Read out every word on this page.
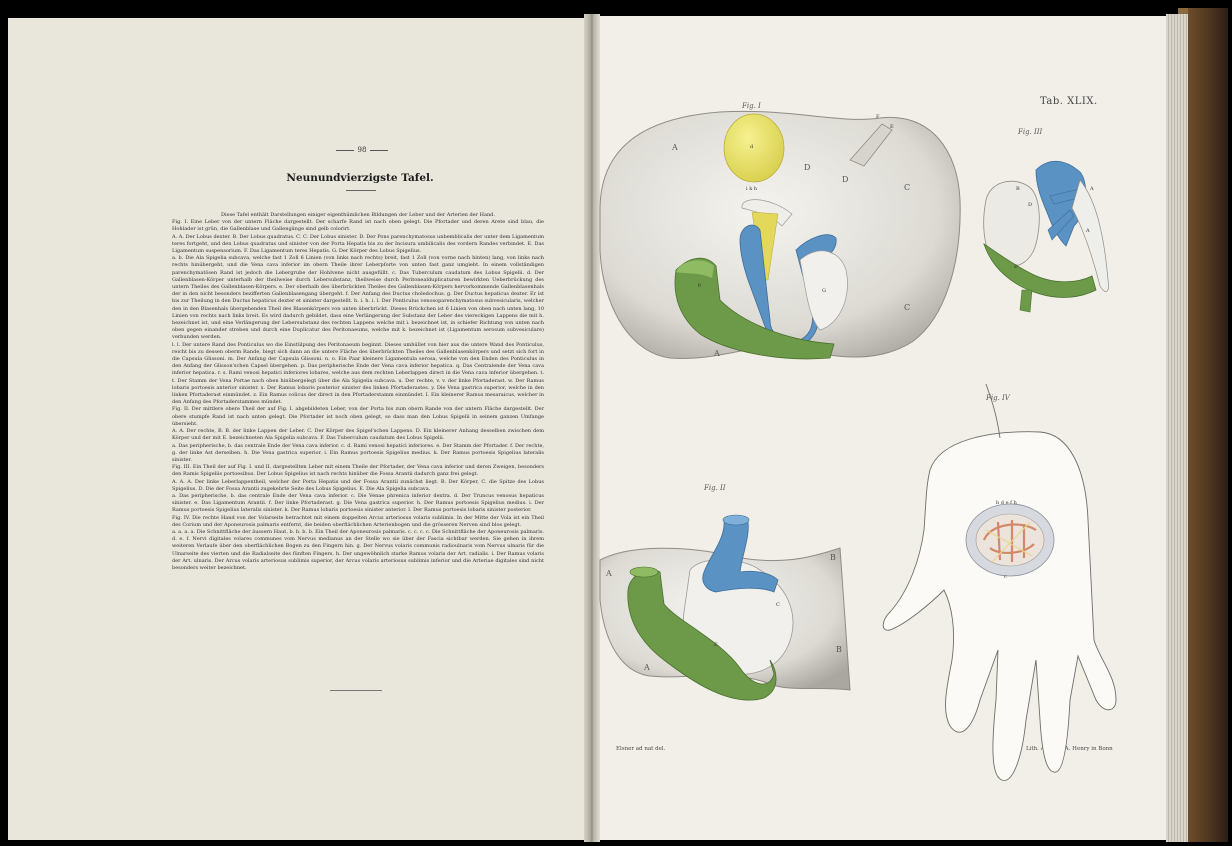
98
Neunundvierzigste Tafel.

Diese Tafel enthält Darstellungen einiger eigenthümlichen Bildungen der Leber und der Arterien der Hand.

Fig. I. Eine Leber von der untern Fläche dargestellt. Der scharfe Rand ist nach oben gelegt. Die Pfortader und deren Arete sind blau, die Hohlader ist grün, die Gallenblase und Gallengänge sind gelb colorirt.

A. A. Der Lobus dexter. B. Der Lobus quadratus. C. C. Der Lobus sinister. D. Der Pons parenchymatosus unbemblicalis der unter dem Ligamentum teres fortgeht, und den Lobus quadratus und sinister von der Porta Hepatis bis zu der Incisura umbilicalis des vordern Randes verbindet. E. Das Ligamentum suspensorium. F. Das Ligamentum teres Hepatis. G. Der Körper des Lobus Spigelius.

a. b. Die Ala Spigelia subcava, welche fast 1 Zoll 6 Linien (von links nach rechts) breit, fast 1 Zoll (von vorne nach hinten) lang, von links nach rechts hinübergeht, und die Vena cava inferior im obern Theile ihrer Leberpforte von unten fast ganz umgiebt. In einem vollständigen parenchymatösen Rand ist jedoch die Lebergrube der Hohlvene nicht ausgefüllt. c. Das Tuberculum caudatum des Lobus Spigelii. d. Der Gallenblasen-Körper unterhalb der theilweise durch Lebersubstanz, theilweise durch Peritonealduplicaturen bewirkten Ueberbrückung des untern Theiles des Gallenblasen-Körpers. e. Der oberhalb des überbrückten Theiles des Gallenblasen-Körpers hervorkommende Gallenblasenhals der in den nicht besonders bezifferten Gallenblasengang übergeht. f. Der Anfang des Ductus choledochus. g. Der Ductus hepaticus dexter. Er ist bis zur Theilung in den Ductus hepaticus dexter et sinister dargestellt. h. i. h. i. l. Der Ponticulus venosoparenchymatosus subvesicularis, welcher den in den Blasenhals übergehenden Theil des Blasenkörpers von unten überbrückt. Dieses Brückchen ist 6 Linien von oben nach unten lang, 10 Linien von rechts nach links breit. Es wird dadurch gebildet, dass eine Verlängerung der Substanz der Leber des viereckigen Lappens die mit h. bezeichnet ist, und eine Verlängerung der Lebersubstanz des rechten Lappens welche mit i. bezeichnet ist, in schiefer Richtung von unten nach oben gegen einander streben und durch eine Duplicatur des Peritonaeums, welche mit k. bezeichnet ist (Ligamentum serosum subvesiculare) verbunden werden.

l. l. Der untere Rand des Ponticulus wo die Einstülpung des Peritonaeum beginnt. Dieses umhüllet von hier aus die untere Wand des Ponticulus, reicht bis zu dessen oberm Rande, biegt sich dann an die untere Fläche des überbrückten Theiles des Gallenblasenkörpers und setzt sich fort in die Capsula Glissoni. m. Der Anfang der Capsula Glissoni. n. o. Ein Paar kleinere Ligamentula serosa, welche von den Enden des Ponticulus in den Anfang der Glisson'schen Capsel übergehen. p. Das peripherische Ende der Vena cava inferior hepatica. q. Das Centralende der Vena cava inferior hepatica. r. s. Rami venosi hepatici inferiores lobares, welche aus dem rechten Leberlappen direct in die Vena cava inferior übergehen. t. t. Der Stamm der Vena Portae nach oben hinübergelegt über die Ala Spigelia subcava. u. Der rechte, v. v. der linke Pfortaderast. w. Der Ramus lobaris portoesis anterior sinister. x. Der Ramus lobaris posterior sinister des linken Pfortaderastes. y. Die Vena gastrica superior, welche in den linken Pfortaderast einmündet. z. Ein Ramus colicus der direct in den Pfortaderstamm einmündet. I. Ein kleinerer Ramus mesaraicus, welcher in den Anfang des Pfortaderstammes mündet.

Fig. II. Der mittlere obere Theil der auf Fig. I. abgebildeten Leber, von der Porta bis zum obern Rande von der untern Fläche dargestellt. Der obere stumpfe Rand ist nach unten gelegt. Die Pfortader ist noch oben gelegt, so dass man den Lobus Spigelii in seinem ganzen Umfange übersieht.

A. A. Der rechte, B. B. der linke Lappen der Leber. C. Der Körper des Spigel'schen Lappens. D. Ein kleinerer Anhang desselben zwischen dem Körper und der mit E. bezeichneten Ala Spigelia subcava. F. Das Tuberculum caudatum des Lobus Spigelii.

a. Das peripherische, b. das centrale Ende der Vena cava inferior. c. d. Rami venosi hepatici inferiores. e. Der Stamm der Pfortader. f. Der rechte, g. der linke Ast derselben. h. Die Vena gastrica superior. i. Ein Ramus portoesis Spigelius medius. k. Der Ramus portoesis Spigelius lateralis sinister.

Fig. III. Ein Theil der auf Fig. I. und II. dargestellten Leber mit einem Theile der Pfortader, der Vena cava inferior und deren Zweigen, besonders den Ramis Spigeliis portoesibus. Der Lobus Spigelius ist nach rechts hinüber die Fossa Arantii dadurch ganz frei gelegt.

A. A. A. Der linke Leberlappentheil, welcher der Porta Hepatis und der Fossa Arantii zunächst liegt. B. Der Körper, C. die Spitze des Lobus Spigelius. D. Die der Fossa Arantii zugekehrte Seite des Lobus Spigelius. E. Die Ala Spigelia subcava.

a. Das peripherische, b. das centrale Ende der Vena cava inferior. c. Die Venae phrenica inferior dextra. d. Der Truncus venosus hepaticus sinister. e. Das Ligamentum Arantii. f. Der linke Pfortaderast. g. Die Vena gastrica superior. h. Der Ramus portoesis Spigelius medius. i. Der Ramus portoesis Spigelius lateralis sinister. k. Der Ramus lobaris portoesis sinister anterior. l. Der Ramus portoesis lobaris sinister posterior.

Fig. IV. Die rechte Hand von der Volarseite betrachtet mit einem doppelten Arcus arteriosus volaris sublimis. In der Mitte der Vola ist ein Theil des Corium und der Aponeurosis palmaris entfernt, die beiden oberflächlichen Arterienbogen und die grösseren Nerven sind blos gelegt.

a. a. a. a. Die Schnittfläche der äussern Haut. b. b. b. b. Ein Theil der Aponeurosis palmaris. c. c. c. c. Die Schnittfläche der Aponeurosis palmaris. d. e. f. Nervi digitales volares communes vom Nervus medianus an der Stelle wo sie über der Fascia sichtbar werden. Sie gehen in ihrem weiteren Verlaufe über den oberflächlichen Bogen zu den Fingern hin. g. Der Nervus volaris communis radioulnaris vom Nervus ulnaris für die Ulnarseite des vierten und die Radialseite des fünften Fingers. h. Der ungewöhnlich starke Ramus volaris der Art. radialis. i. Der Ramus volaris der Art. ulnaris. Der Arcus volaris arteriosus sublimis superior, der Arcus volaris arteriosus sublimis inferior und die Arteriae digitales sind nicht besonders weiter bezeichnet.

Tab. XLIX.
Fig. I
Fig. III
Fig. IV
Fig. II
Elsner ad nat del.	Lith. Anstr. v. A. Henry in Bonn
A
D
D
C
C
A
d
i k h
G
p
F
E
B
D
A
A
E
A
B
B
A
E
C
b d e f h
c
